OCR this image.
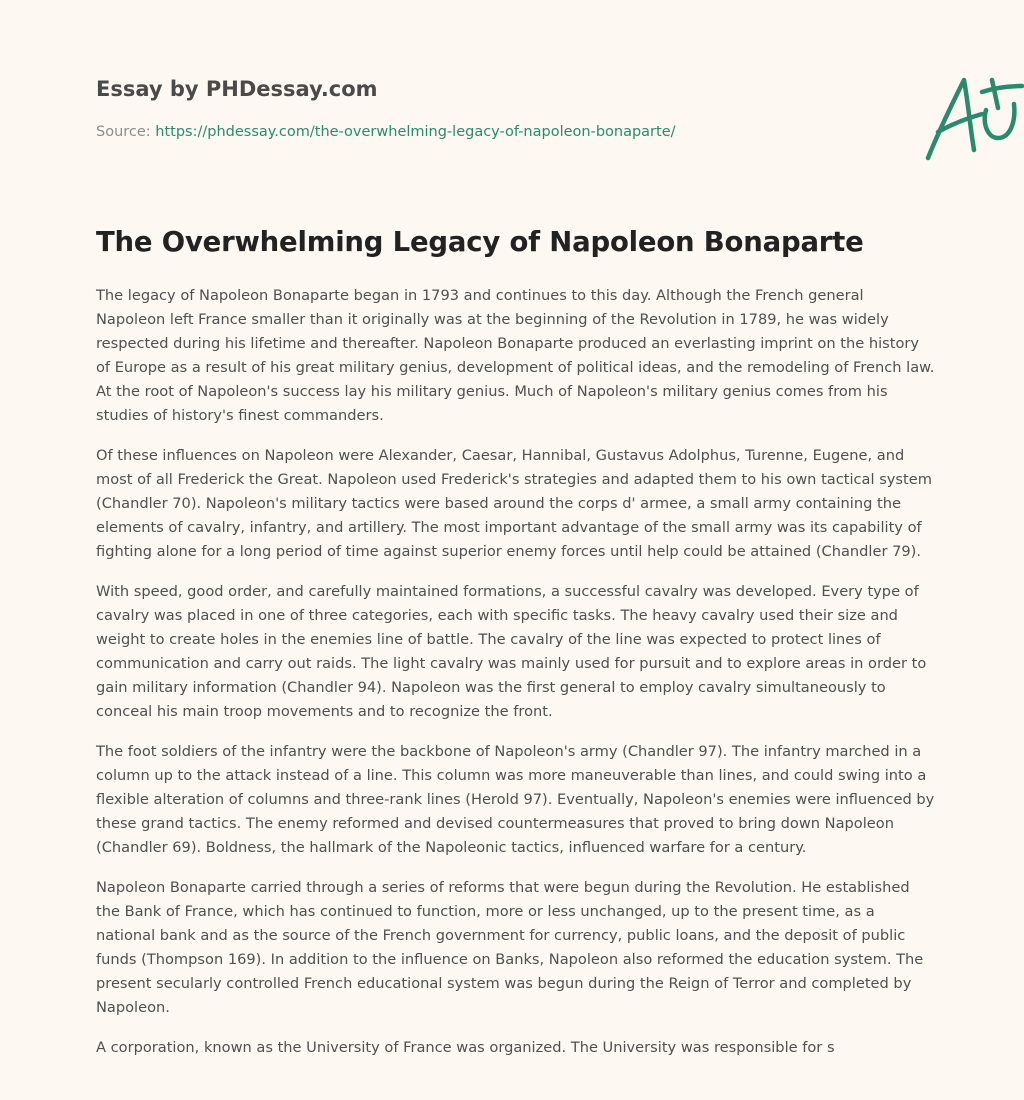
Essay by PHDessay.com
Source: https://phdessay.com/the-overwhelming-legacy-of-napoleon-bonaparte/
The Overwhelming Legacy of Napoleon Bonaparte

The legacy of Napoleon Bonaparte began in 1793 and continues to this day. Although the French general Napoleon left France smaller than it originally was at the beginning of the Revolution in 1789, he was widely respected during his lifetime and thereafter. Napoleon Bonaparte produced an everlasting imprint on the history of Europe as a result of his great military genius, development of political ideas, and the remodeling of French law. At the root of Napoleon's success lay his military genius. Much of Napoleon's military genius comes from his studies of history's finest commanders.

Of these influences on Napoleon were Alexander, Caesar, Hannibal, Gustavus Adolphus, Turenne, Eugene, and most of all Frederick the Great. Napoleon used Frederick's strategies and adapted them to his own tactical system (Chandler 70). Napoleon's military tactics were based around the corps d' armee, a small army containing the elements of cavalry, infantry, and artillery. The most important advantage of the small army was its capability of fighting alone for a long period of time against superior enemy forces until help could be attained (Chandler 79).

With speed, good order, and carefully maintained formations, a successful cavalry was developed. Every type of cavalry was placed in one of three categories, each with specific tasks. The heavy cavalry used their size and weight to create holes in the enemies line of battle. The cavalry of the line was expected to protect lines of communication and carry out raids. The light cavalry was mainly used for pursuit and to explore areas in order to gain military information (Chandler 94). Napoleon was the first general to employ cavalry simultaneously to conceal his main troop movements and to recognize the front.

The foot soldiers of the infantry were the backbone of Napoleon's army (Chandler 97). The infantry marched in a column up to the attack instead of a line. This column was more maneuverable than lines, and could swing into a flexible alteration of columns and three-rank lines (Herold 97). Eventually, Napoleon's enemies were influenced by these grand tactics. The enemy reformed and devised countermeasures that proved to bring down Napoleon (Chandler 69). Boldness, the hallmark of the Napoleonic tactics, influenced warfare for a century.

Napoleon Bonaparte carried through a series of reforms that were begun during the Revolution. He established the Bank of France, which has continued to function, more or less unchanged, up to the present time, as a national bank and as the source of the French government for currency, public loans, and the deposit of public funds (Thompson 169). In addition to the influence on Banks, Napoleon also reformed the education system. The present secularly controlled French educational system was begun during the Reign of Terror and completed by Napoleon.

A corporation, known as the University of France was organized. The University was responsible for s
